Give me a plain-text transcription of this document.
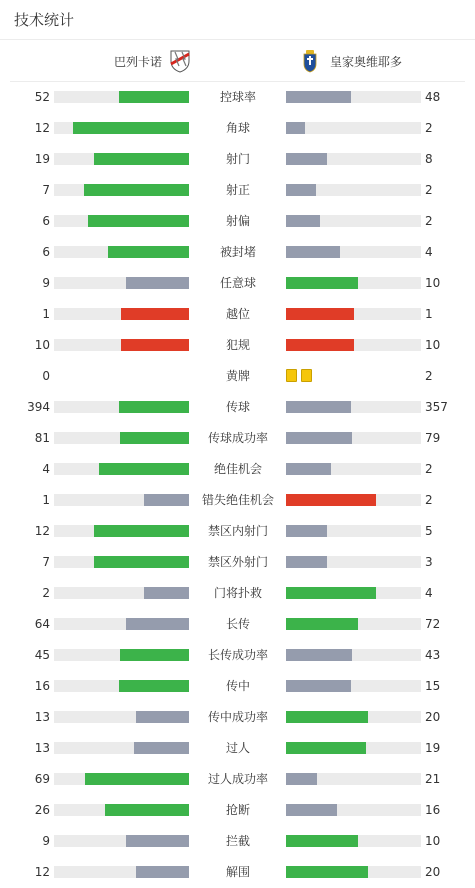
技术统计
巴列卡诺	皇家奥维耶多
52	控球率	48
12	角球	2
19	射门	8
7	射正	2
6	射偏	2
6	被封堵	4
9	任意球	10
1	越位	1
10	犯规	10
0	黄牌	2
394	传球	357
81	传球成功率	79
4	绝佳机会	2
1	错失绝佳机会	2
12	禁区内射门	5
7	禁区外射门	3
2	门将扑救	4
64	长传	72
45	长传成功率	43
16	传中	15
13	传中成功率	20
13	过人	19
69	过人成功率	21
26	抢断	16
9	拦截	10
12	解围	20
